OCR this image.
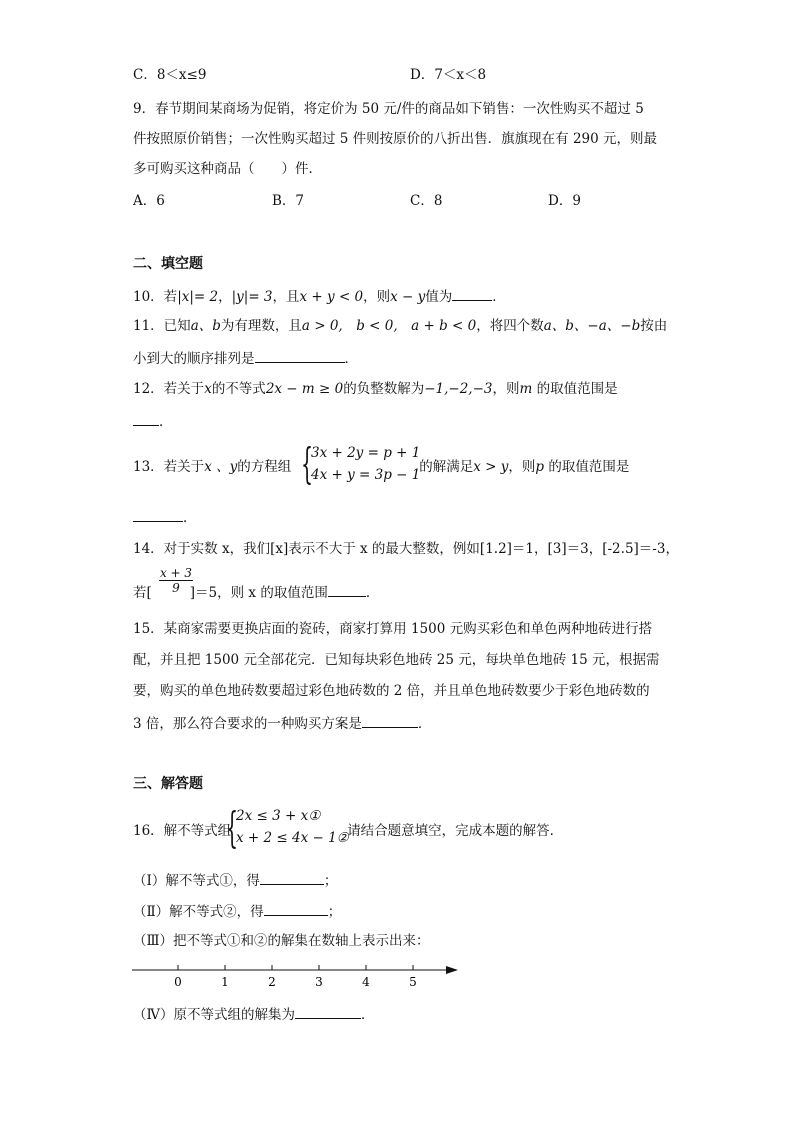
C．8＜x≤9	D．7＜x＜8
9．春节期间某商场为促销，将定价为 50 元/件的商品如下销售：一次性购买不超过 5
件按照原价销售；一次性购买超过 5 件则按原价的八折出售．旗旗现在有 290 元，则最
多可购买这种商品（　　）件．
A．6	B．7	C．8	D．9
二、填空题
10．若|x|= 2，|y|= 3，且x + y < 0，则x − y值为	．
11．已知a、b为有理数，且a > 0,　b < 0,　a + b < 0，将四个数a、b、−a、−b按由
小到大的顺序排列是	．
12．若关于x的不等式2x − m ≥ 0的负整数解为−1,−2,−3，则m 的取值范围是
．
13．若关于x 、y的方程组	的解满足x > y，则p 的取值范围是
{
3x + 2y = p + 1
4x + y = 3p − 1
．
14．对于实数 x，我们[x]表示不大于 x 的最大整数，例如[1.2]＝1，[3]＝3，[-2.5]＝-3，
若[	]＝5，则 x 的取值范围	．
$\frac{x + 3}{9}$
15．某商家需要更换店面的瓷砖，商家打算用 1500 元购买彩色和单色两种地砖进行搭
配，并且把 1500 元全部花完．已知每块彩色地砖 25 元，每块单色地砖 15 元，根据需
要，购买的单色地砖数要超过彩色地砖数的 2 倍，并且单色地砖数要少于彩色地砖数的
3 倍，那么符合要求的一种购买方案是	．
三、解答题
16．解不等式组	请结合题意填空，完成本题的解答．
{
2x ≤ 3 + x①
x + 2 ≤ 4x − 1②
（Ⅰ）解不等式①，得	；
（Ⅱ）解不等式②，得	；
（Ⅲ）把不等式①和②的解集在数轴上表示出来：
0	1	2	3	4	5
（Ⅳ）原不等式组的解集为	．
